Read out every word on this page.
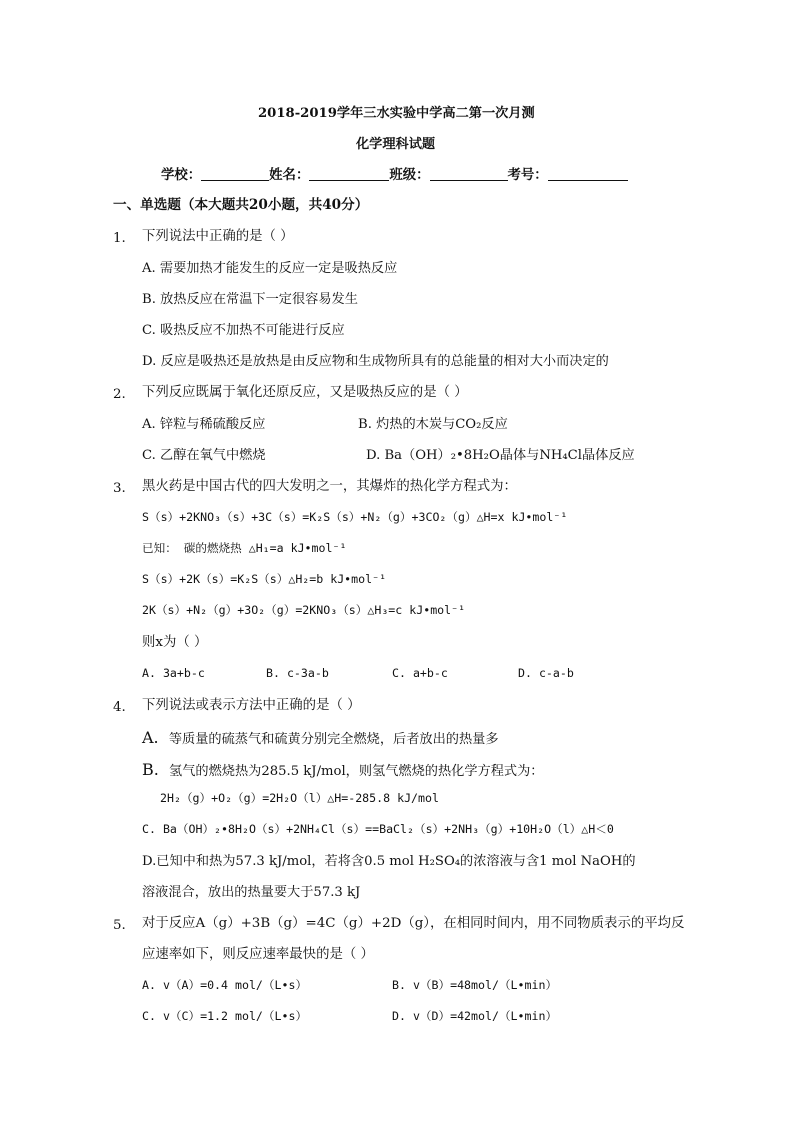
2018-2019学年三水实验中学高二第一次月测
化学理科试题
学校：	姓名：	班级：	考号：
一、单选题（本大题共20小题，共40分）
1. 下列说法中正确的是（ ）
A. 需要加热才能发生的反应一定是吸热反应
B. 放热反应在常温下一定很容易发生
C. 吸热反应不加热不可能进行反应
D. 反应是吸热还是放热是由反应物和生成物所具有的总能量的相对大小而决定的
2. 下列反应既属于氧化还原反应，又是吸热反应的是（ ）
A. 锌粒与稀硫酸反应	B. 灼热的木炭与CO₂反应
C. 乙醇在氧气中燃烧	D. Ba（OH）₂•8H₂O晶体与NH₄Cl晶体反应
3. 黑火药是中国古代的四大发明之一，其爆炸的热化学方程式为：
S（s）+2KNO₃（s）+3C（s）=K₂S（s）+N₂（g）+3CO₂（g）△H=x kJ•mol⁻¹
已知： 碳的燃烧热 △H₁=a kJ•mol⁻¹
S（s）+2K（s）=K₂S（s）△H₂=b kJ•mol⁻¹
2K（s）+N₂（g）+3O₂（g）=2KNO₃（s）△H₃=c kJ•mol⁻¹
则x为（ ）
A. 3a+b-c	B. c-3a-b	C. a+b-c	D. c-a-b
4. 下列说法或表示方法中正确的是（ ）
A. 等质量的硫蒸气和硫黄分别完全燃烧，后者放出的热量多
B. 氢气的燃烧热为285.5 kJ/mol，则氢气燃烧的热化学方程式为：
2H₂（g）+O₂（g）=2H₂O（l）△H=-285.8 kJ/mol
C. Ba（OH）₂•8H₂O（s）+2NH₄Cl（s）==BaCl₂（s）+2NH₃（g）+10H₂O（l）△H＜0
D.已知中和热为57.3 kJ/mol，若将含0.5 mol H₂SO₄的浓溶液与含1 mol NaOH的
溶液混合，放出的热量要大于57.3 kJ
5. 对于反应A（g）+3B（g）=4C（g）+2D（g），在相同时间内，用不同物质表示的平均反
应速率如下，则反应速率最快的是（ ）
A. v（A）=0.4 mol/（L•s）	B. v（B）=48mol/（L•min）
C. v（C）=1.2 mol/（L•s）	D. v（D）=42mol/（L•min）
